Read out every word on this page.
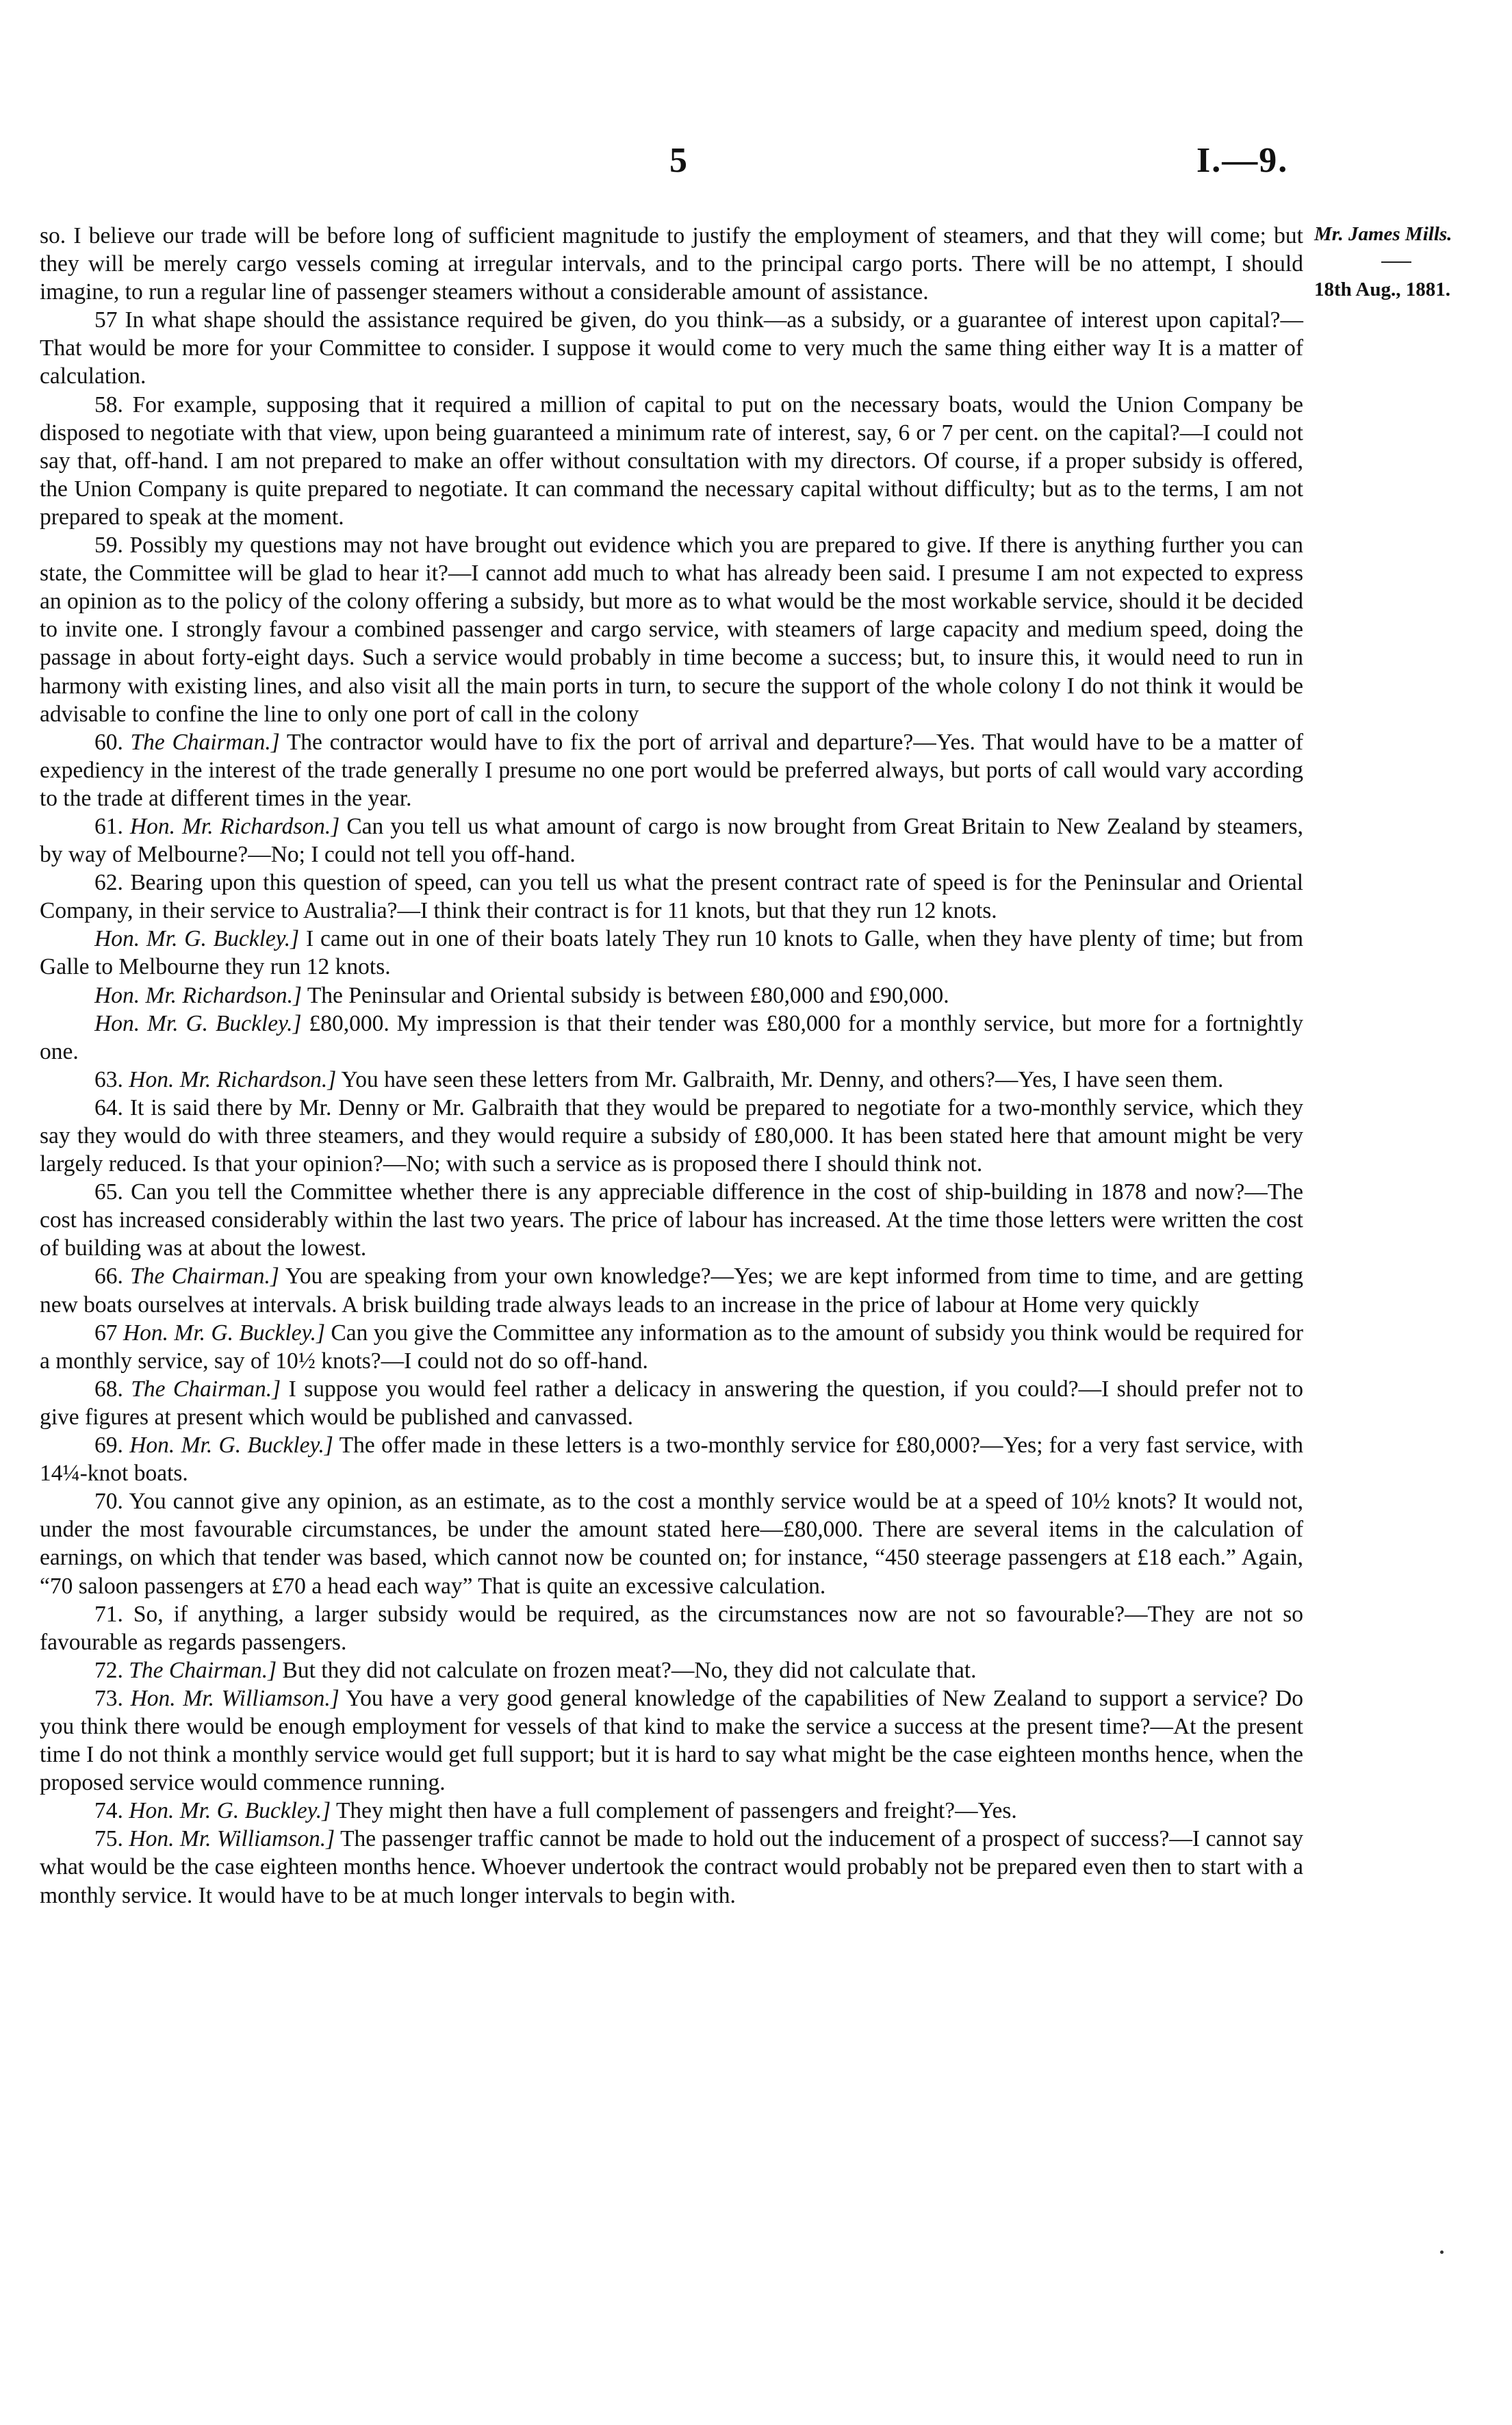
5	I.—9.
Mr. James Mills.
18th Aug., 1881.

so. I believe our trade will be before long of sufficient magnitude to justify the employment of steamers, and that they will come; but they will be merely cargo vessels coming at irregular intervals, and to the principal cargo ports. There will be no attempt, I should imagine, to run a regular line of passenger steamers without a considerable amount of assistance.

57 In what shape should the assistance required be given, do you think—as a subsidy, or a guarantee of interest upon capital?—That would be more for your Committee to consider. I suppose it would come to very much the same thing either way It is a matter of calculation.

58. For example, supposing that it required a million of capital to put on the necessary boats, would the Union Company be disposed to negotiate with that view, upon being guaranteed a minimum rate of interest, say, 6 or 7 per cent. on the capital?—I could not say that, off-hand. I am not prepared to make an offer without consultation with my directors. Of course, if a proper subsidy is offered, the Union Company is quite prepared to negotiate. It can command the necessary capital without difficulty; but as to the terms, I am not prepared to speak at the moment.

59. Possibly my questions may not have brought out evidence which you are prepared to give. If there is anything further you can state, the Committee will be glad to hear it?—I cannot add much to what has already been said. I presume I am not expected to express an opinion as to the policy of the colony offering a subsidy, but more as to what would be the most workable service, should it be decided to invite one. I strongly favour a combined passenger and cargo service, with steamers of large capacity and medium speed, doing the passage in about forty-eight days. Such a service would probably in time become a success; but, to insure this, it would need to run in harmony with existing lines, and also visit all the main ports in turn, to secure the support of the whole colony I do not think it would be advisable to confine the line to only one port of call in the colony

60. The Chairman.] The contractor would have to fix the port of arrival and departure?—Yes. That would have to be a matter of expediency in the interest of the trade generally I presume no one port would be preferred always, but ports of call would vary according to the trade at different times in the year.

61. Hon. Mr. Richardson.] Can you tell us what amount of cargo is now brought from Great Britain to New Zealand by steamers, by way of Melbourne?—No; I could not tell you off-hand.

62. Bearing upon this question of speed, can you tell us what the present contract rate of speed is for the Peninsular and Oriental Company, in their service to Australia?—I think their contract is for 11 knots, but that they run 12 knots.

Hon. Mr. G. Buckley.] I came out in one of their boats lately They run 10 knots to Galle, when they have plenty of time; but from Galle to Melbourne they run 12 knots.

Hon. Mr. Richardson.] The Peninsular and Oriental subsidy is between £80,000 and £90,000.

Hon. Mr. G. Buckley.] £80,000. My impression is that their tender was £80,000 for a monthly service, but more for a fortnightly one.

63. Hon. Mr. Richardson.] You have seen these letters from Mr. Galbraith, Mr. Denny, and others?—Yes, I have seen them.

64. It is said there by Mr. Denny or Mr. Galbraith that they would be prepared to negotiate for a two-monthly service, which they say they would do with three steamers, and they would require a subsidy of £80,000. It has been stated here that amount might be very largely reduced. Is that your opinion?—No; with such a service as is proposed there I should think not.

65. Can you tell the Committee whether there is any appreciable difference in the cost of ship-building in 1878 and now?—The cost has increased considerably within the last two years. The price of labour has increased. At the time those letters were written the cost of building was at about the lowest.

66. The Chairman.] You are speaking from your own knowledge?—Yes; we are kept informed from time to time, and are getting new boats ourselves at intervals. A brisk building trade always leads to an increase in the price of labour at Home very quickly

67 Hon. Mr. G. Buckley.] Can you give the Committee any information as to the amount of subsidy you think would be required for a monthly service, say of 10½ knots?—I could not do so off-hand.

68. The Chairman.] I suppose you would feel rather a delicacy in answering the question, if you could?—I should prefer not to give figures at present which would be published and canvassed.

69. Hon. Mr. G. Buckley.] The offer made in these letters is a two-monthly service for £80,000?—Yes; for a very fast service, with 14¼-knot boats.

70. You cannot give any opinion, as an estimate, as to the cost a monthly service would be at a speed of 10½ knots? It would not, under the most favourable circumstances, be under the amount stated here—£80,000. There are several items in the calculation of earnings, on which that tender was based, which cannot now be counted on; for instance, “450 steerage passengers at £18 each.” Again, “70 saloon passengers at £70 a head each way” That is quite an excessive calculation.

71. So, if anything, a larger subsidy would be required, as the circumstances now are not so favourable?—They are not so favourable as regards passengers.

72. The Chairman.] But they did not calculate on frozen meat?—No, they did not calculate that.

73. Hon. Mr. Williamson.] You have a very good general knowledge of the capabilities of New Zealand to support a service? Do you think there would be enough employment for vessels of that kind to make the service a success at the present time?—At the present time I do not think a monthly service would get full support; but it is hard to say what might be the case eighteen months hence, when the proposed service would commence running.

74. Hon. Mr. G. Buckley.] They might then have a full complement of passengers and freight?—Yes.

75. Hon. Mr. Williamson.] The passenger traffic cannot be made to hold out the inducement of a prospect of success?—I cannot say what would be the case eighteen months hence. Whoever undertook the contract would probably not be prepared even then to start with a monthly service. It would have to be at much longer intervals to begin with.
